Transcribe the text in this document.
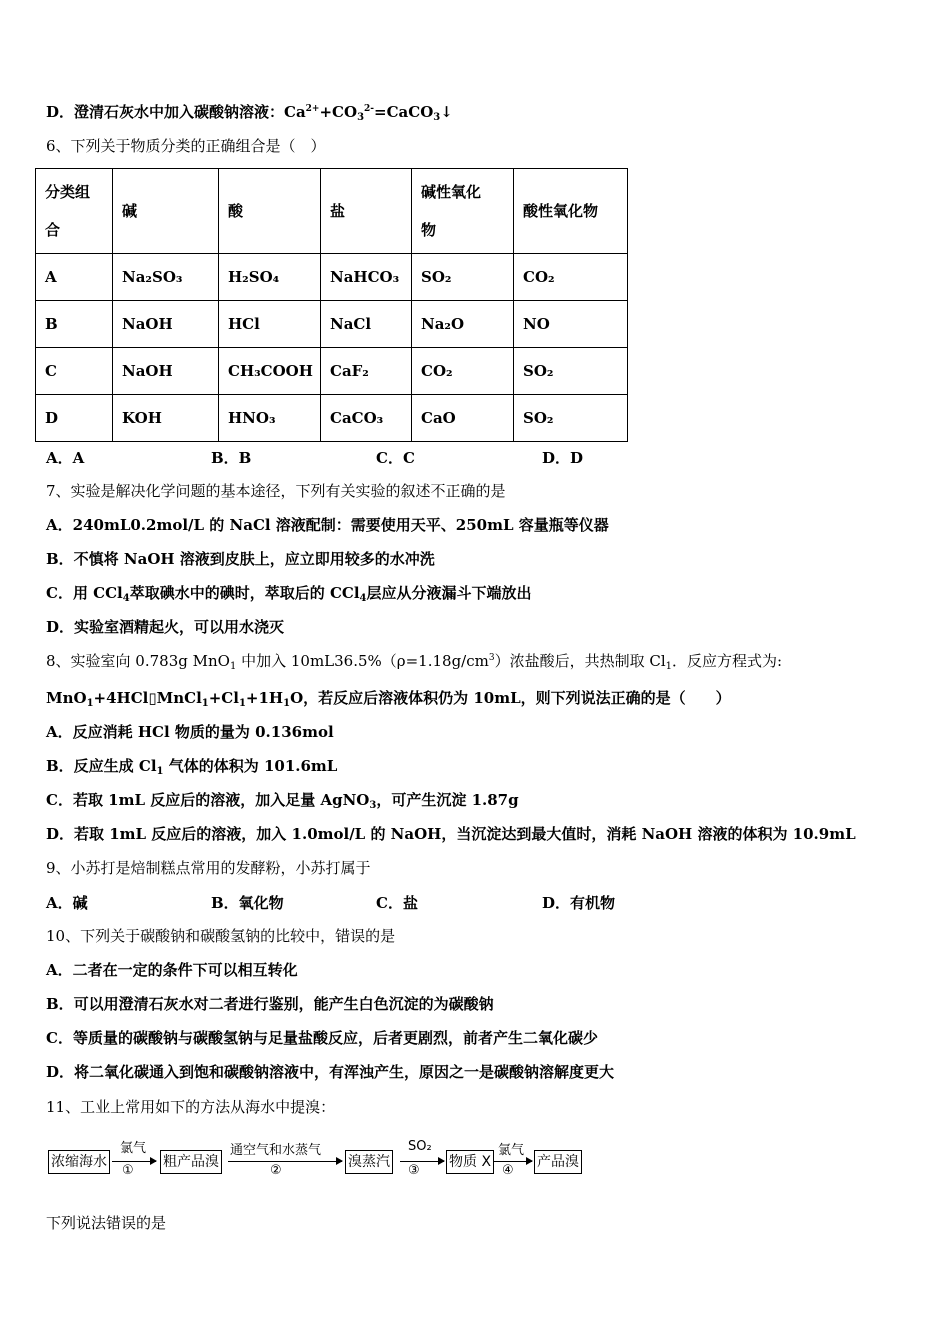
D．澄清石灰水中加入碳酸钠溶液：$Ca^{2+}+CO_3^{2-}=CaCO_3↓$
6、下列关于物质分类的正确组合是（　）
分类组合	碱	酸	盐	碱性氧化物	酸性氧化物
A	Na₂SO₃	H₂SO₄	NaHCO₃	SO₂	CO₂
B	NaOH	HCl	NaCl	Na₂O	NO
C	NaOH	CH₃COOH	CaF₂	CO₂	SO₂
D	KOH	HNO₃	CaCO₃	CaO	SO₂
A．A	B．B	C．C	D．D
7、实验是解决化学问题的基本途径，下列有关实验的叙述不正确的是
A．240mL0.2mol/L 的 NaCl 溶液配制：需要使用天平、250mL 容量瓶等仪器
B．不慎将 NaOH 溶液到皮肤上，应立即用较多的水冲洗
C．用 CCl$_4$萃取碘水中的碘时，萃取后的 CCl$_4$层应从分液漏斗下端放出
D．实验室酒精起火，可以用水浇灭
8、实验室向 0.783g MnO$_1$ 中加入 $10mL36.5\%(\rho=1.18g/cm^3)$浓盐酸后，共热制取 $Cl_1$．反应方程式为:
$MnO_1+4HCl▯MnCl_1+Cl_1+1H_1O$，若反应后溶液体积仍为 10mL，则下列说法正确的是（　　）
A．反应消耗 HCl 物质的量为 0.136mol
B．反应生成 $Cl_1$ 气体的体积为 101.6mL
C．若取 1mL 反应后的溶液，加入足量 AgNO$_3$，可产生沉淀 1.87g
D．若取 1mL 反应后的溶液，加入 1.0mol/L 的 NaOH，当沉淀达到最大值时，消耗 NaOH 溶液的体积为 10.9mL
9、小苏打是焙制糕点常用的发酵粉，小苏打属于
A．碱	B．氧化物	C．盐	D．有机物
10、下列关于碳酸钠和碳酸氢钠的比较中，错误的是
A．二者在一定的条件下可以相互转化
B．可以用澄清石灰水对二者进行鉴别，能产生白色沉淀的为碳酸钠
C．等质量的碳酸钠与碳酸氢钠与足量盐酸反应，后者更剧烈，前者产生二氧化碳少
D．将二氧化碳通入到饱和碳酸钠溶液中，有浑浊产生，原因之一是碳酸钠溶解度更大
11、工业上常用如下的方法从海水中提溴：
浓缩海水
氯气
①
粗产品溴
通空气和水蒸气
②
溴蒸汽
SO₂
③
物质 X
氯气
④
产品溴
下列说法错误的是
